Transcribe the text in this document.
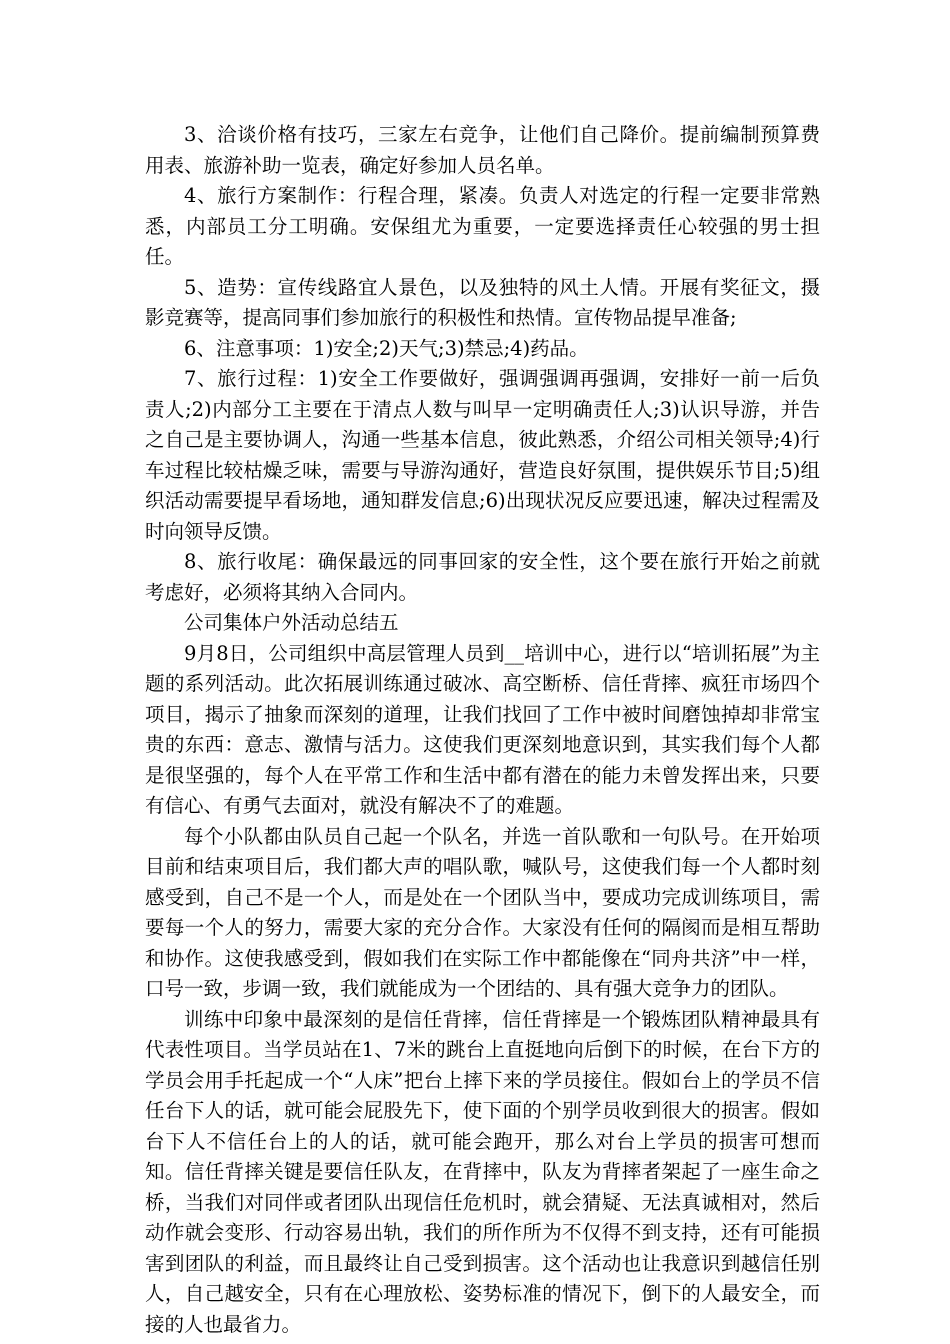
3、洽谈价格有技巧，三家左右竞争，让他们自己降价。提前编制预算费用表、旅游补助一览表，确定好参加人员名单。

4、旅行方案制作：行程合理，紧凑。负责人对选定的行程一定要非常熟悉，内部员工分工明确。安保组尤为重要，一定要选择责任心较强的男士担任。

5、造势：宣传线路宜人景色，以及独特的风土人情。开展有奖征文，摄影竞赛等，提高同事们参加旅行的积极性和热情。宣传物品提早准备;

6、注意事项：1)安全;2)天气;3)禁忌;4)药品。

7、旅行过程：1)安全工作要做好，强调强调再强调，安排好一前一后负责人;2)内部分工主要在于清点人数与叫早一定明确责任人;3)认识导游，并告之自己是主要协调人，沟通一些基本信息，彼此熟悉，介绍公司相关领导;4)行车过程比较枯燥乏味，需要与导游沟通好，营造良好氛围，提供娱乐节目;5)组织活动需要提早看场地，通知群发信息;6)出现状况反应要迅速，解决过程需及时向领导反馈。

8、旅行收尾：确保最远的同事回家的安全性，这个要在旅行开始之前就考虑好，必须将其纳入合同内。

公司集体户外活动总结五

9月8日，公司组织中高层管理人员到__培训中心，进行以“培训拓展”为主题的系列活动。此次拓展训练通过破冰、高空断桥、信任背摔、疯狂市场四个项目，揭示了抽象而深刻的道理，让我们找回了工作中被时间磨蚀掉却非常宝贵的东西：意志、激情与活力。这使我们更深刻地意识到，其实我们每个人都是很坚强的，每个人在平常工作和生活中都有潜在的能力未曾发挥出来，只要有信心、有勇气去面对，就没有解决不了的难题。

每个小队都由队员自己起一个队名，并选一首队歌和一句队号。在开始项目前和结束项目后，我们都大声的唱队歌，喊队号，这使我们每一个人都时刻感受到，自己不是一个人，而是处在一个团队当中，要成功完成训练项目，需要每一个人的努力，需要大家的充分合作。大家没有任何的隔阂而是相互帮助和协作。这使我感受到，假如我们在实际工作中都能像在“同舟共济”中一样，口号一致，步调一致，我们就能成为一个团结的、具有强大竞争力的团队。

训练中印象中最深刻的是信任背摔，信任背摔是一个锻炼团队精神最具有代表性项目。当学员站在1、7米的跳台上直挺地向后倒下的时候，在台下方的学员会用手托起成一个“人床”把台上摔下来的学员接住。假如台上的学员不信任台下人的话，就可能会屁股先下，使下面的个别学员收到很大的损害。假如台下人不信任台上的人的话，就可能会跑开，那么对台上学员的损害可想而知。信任背摔关键是要信任队友，在背摔中，队友为背摔者架起了一座生命之桥，当我们对同伴或者团队出现信任危机时，就会猜疑、无法真诚相对，然后动作就会变形、行动容易出轨，我们的所作所为不仅得不到支持，还有可能损害到团队的利益，而且最终让自己受到损害。这个活动也让我意识到越信任别人，自己越安全，只有在心理放松、姿势标准的情况下，倒下的人最安全，而接的人也最省力。
